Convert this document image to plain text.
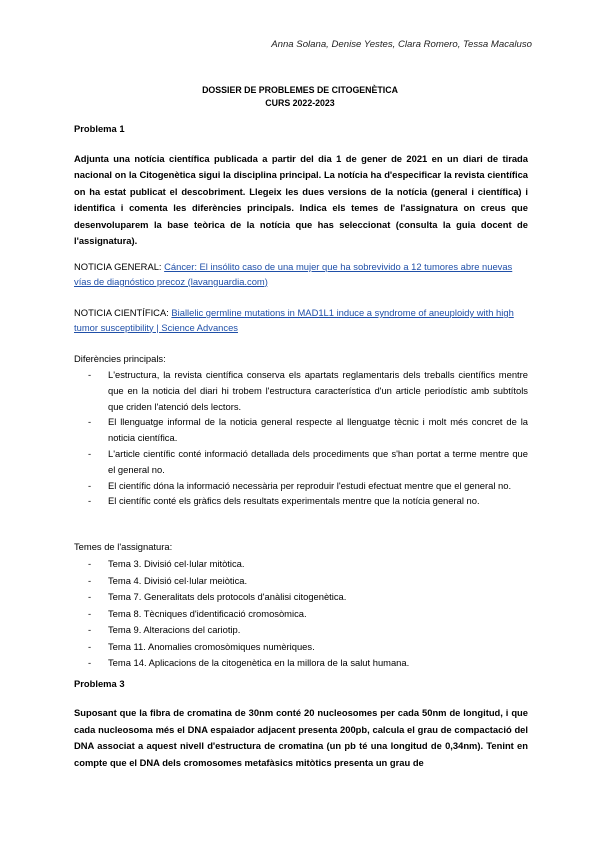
Anna Solana, Denise Yestes, Clara Romero, Tessa Macaluso
DOSSIER DE PROBLEMES DE CITOGENÈTICA
CURS 2022-2023
Problema 1
Adjunta una notícia científica publicada a partir del dia 1 de gener de 2021 en un diari de tirada nacional on la Citogenètica sigui la disciplina principal. La notícia ha d'especificar la revista científica on ha estat publicat el descobriment. Llegeix les dues versions de la notícia (general i científica) i identifica i comenta les diferències principals. Indica els temes de l'assignatura on creus que desenvoluparem la base teòrica de la notícia que has seleccionat (consulta la guia docent de l'assignatura).
NOTICIA GENERAL: Cáncer: El insólito caso de una mujer que ha sobrevivido a 12 tumores abre nuevas vías de diagnóstico precoz (lavanguardia.com)
NOTICIA CIENTÍFICA: Biallelic germline mutations in MAD1L1 induce a syndrome of aneuploidy with high tumor susceptibility | Science Advances
Diferències principals:
- L'estructura, la revista científica conserva els apartats reglamentaris dels treballs científics mentre que en la noticia del diari hi trobem l'estructura característica d'un article periodístic amb subtítols que criden l'atenció dels lectors.
- El llenguatge informal de la noticia general respecte al llenguatge tècnic i molt més concret de la noticia científica.
- L'article científic conté informació detallada dels procediments que s'han portat a terme mentre que el general no.
- El científic dóna la informació necessària per reproduir l'estudi efectuat mentre que el general no.
- El científic conté els gràfics dels resultats experimentals mentre que la notícia general no.
Temes de l'assignatura:
- Tema 3. Divisió cel·lular mitòtica.
- Tema 4. Divisió cel·lular meiòtica.
- Tema 7. Generalitats dels protocols d'anàlisi citogenètica.
- Tema 8. Tècniques d'identificació cromosòmica.
- Tema 9. Alteracions del cariotip.
- Tema 11. Anomalies cromosòmiques numèriques.
- Tema 14. Aplicacions de la citogenètica en la millora de la salut humana.
Problema 3
Suposant que la fibra de cromatina de 30nm conté 20 nucleosomes per cada 50nm de longitud, i que cada nucleosoma més el DNA espaiador adjacent presenta 200pb, calcula el grau de compactació del DNA associat a aquest nivell d'estructura de cromatina (un pb té una longitud de 0,34nm). Tenint en compte que el DNA dels cromosomes metafàsics mitòtics presenta un grau de
